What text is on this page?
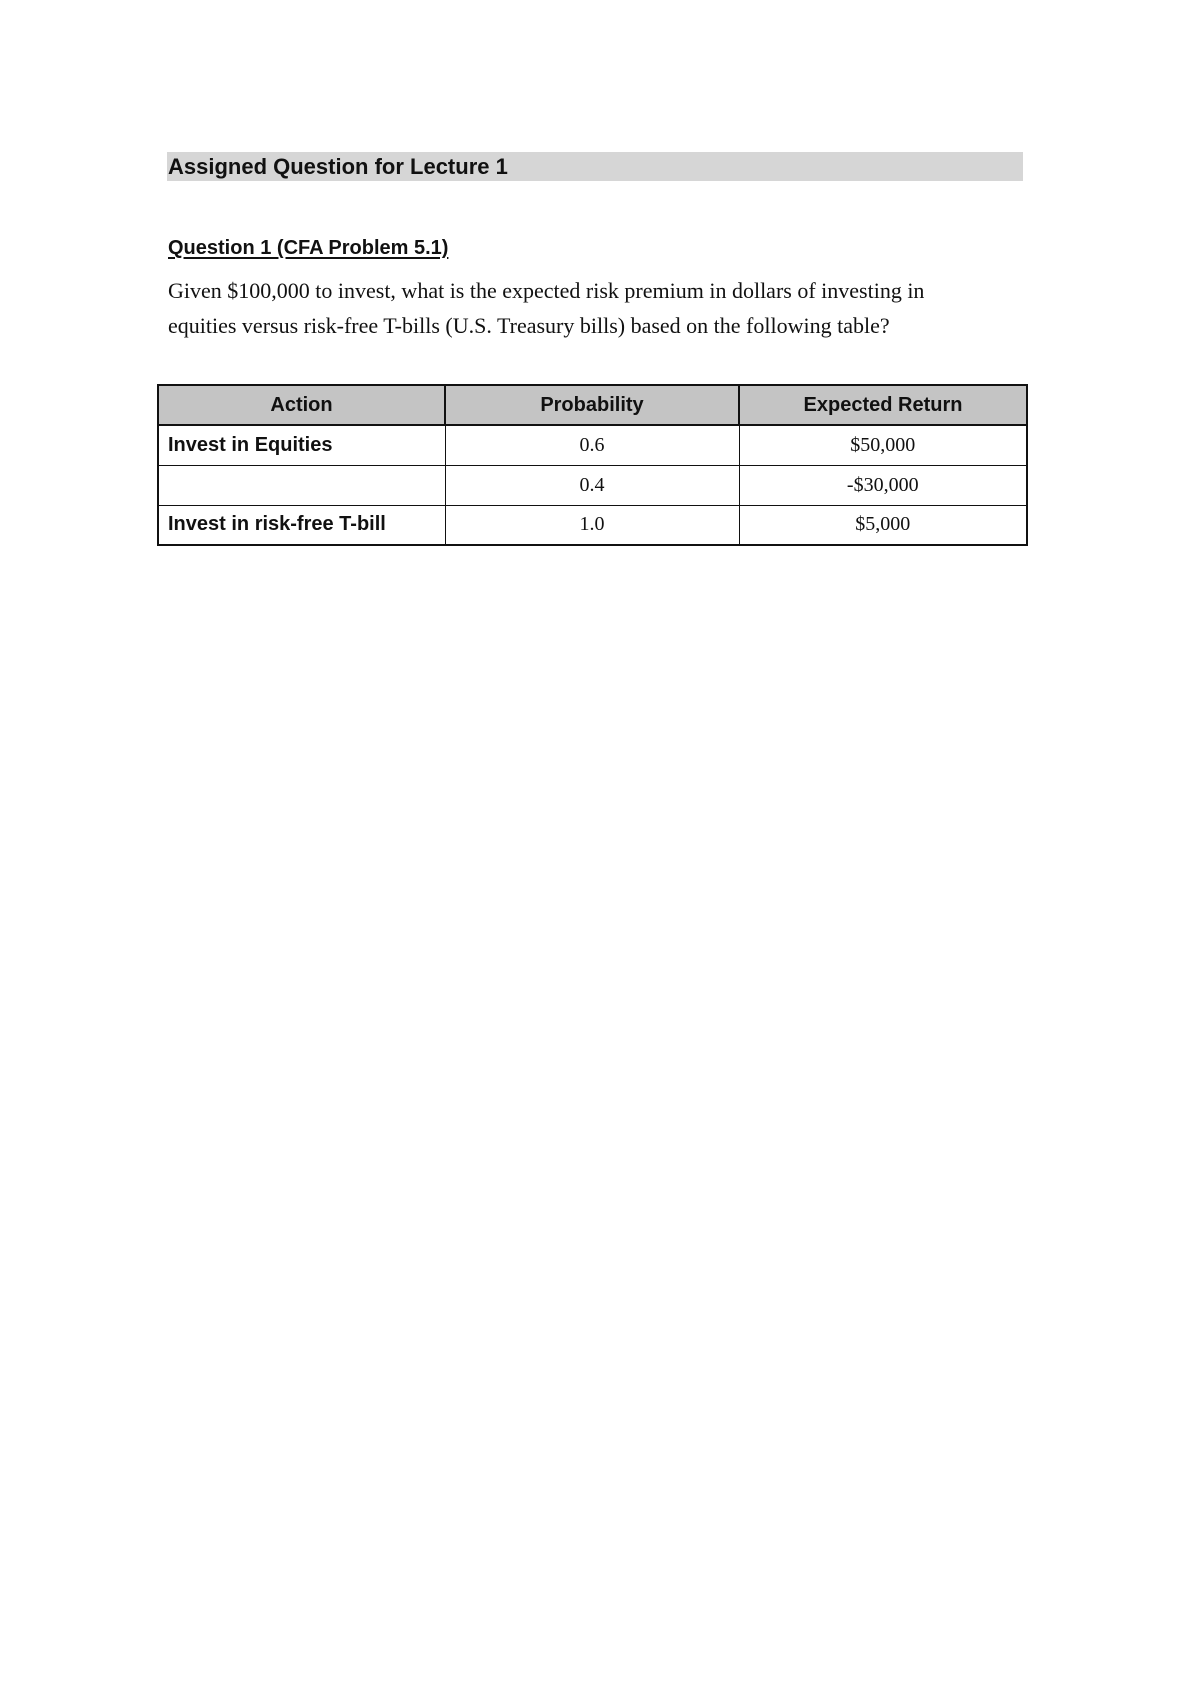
Assigned Question for Lecture 1
Question 1 (CFA Problem 5.1)

Given $100,000 to invest, what is the expected risk premium in dollars of investing in

equities versus risk-free T-bills (U.S. Treasury bills) based on the following table?

Action	Probability	Expected Return
Invest in Equities	0.6	$50,000
	0.4	-$30,000
Invest in risk-free T-bill	1.0	$5,000
